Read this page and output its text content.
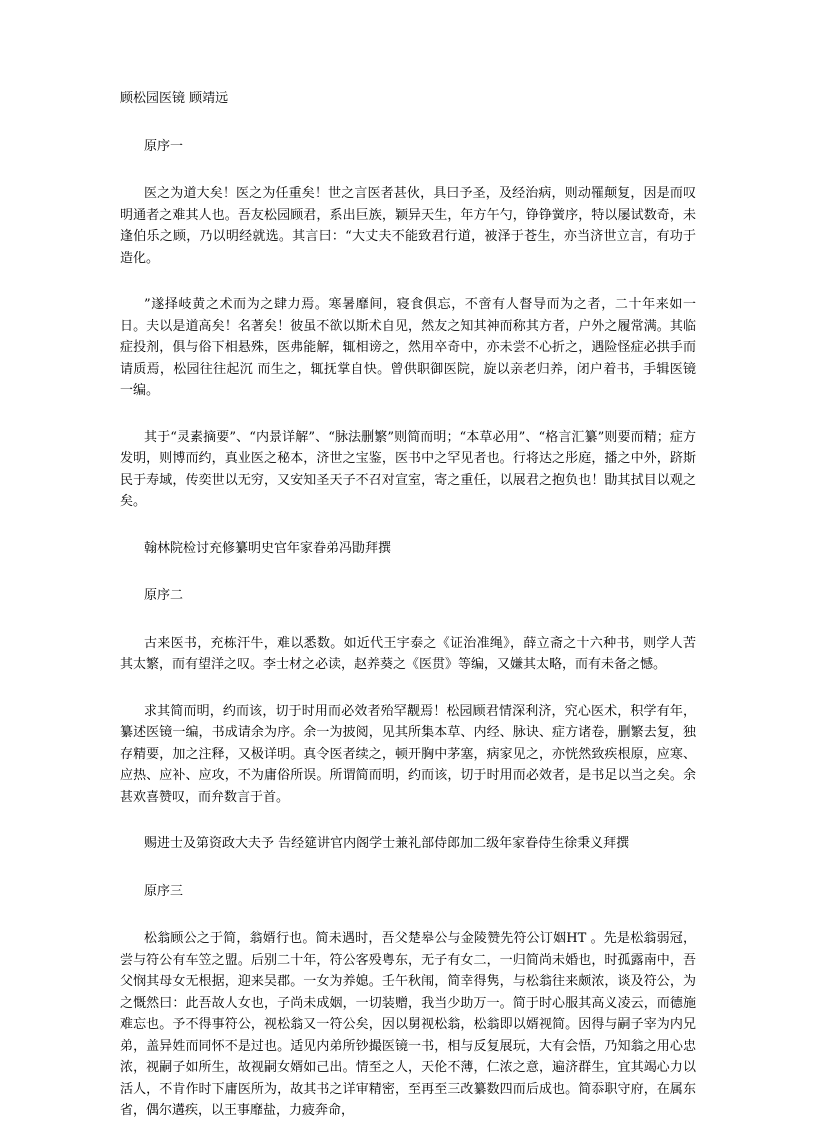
顾松园医镜 顾靖远

原序一

医之为道大矣！医之为任重矣！世之言医者甚伙，具曰予圣，及经治病，则动罹颠复，因是而叹明通者之难其人也。吾友松园顾君，系出巨族，颖异天生，年方午勺，铮铮黉序，特以屡试数奇，未逢伯乐之顾，乃以明经就选。其言曰：“大丈夫不能致君行道，被泽于苍生，亦当济世立言，有功于造化。

”遂择岐黄之术而为之肆力焉。寒暑靡间，寝食俱忘，不啻有人督导而为之者，二十年来如一日。夫以是道高矣！名著矣！彼虽不欲以斯术自见，然友之知其神而称其方者，户外之履常满。其临症投剂，俱与俗下相悬殊，医弗能解，辄相谤之，然用卒奇中，亦未尝不心折之，遇险怪症必拱手而请质焉，松园往往起沉 而生之，辄抚掌自快。曾供职御医院，旋以亲老归养，闭户着书，手辑医镜一编。

其于“灵素摘要”、“内景详解”、“脉法删繁”则简而明；“本草必用”、“格言汇纂”则要而精；症方发明，则博而约，真业医之秘本，济世之宝鉴，医书中之罕见者也。行将达之彤庭，播之中外，跻斯民于寿域，传奕世以无穷，又安知圣天子不召对宣室，寄之重任，以展君之抱负也！勖其拭目以观之矣。

翰林院检讨充修纂明史官年家眷弟冯勖拜撰

原序二

古来医书，充栋汗牛，难以悉数。如近代王宇泰之《证治准绳》，薛立斋之十六种书，则学人苦其太繁，而有望洋之叹。李士材之必读，赵养葵之《医贯》等编，又嫌其太略，而有未备之憾。

求其简而明，约而该，切于时用而必效者殆罕觏焉！松园顾君情深利济，究心医术，积学有年，纂述医镜一编，书成请余为序。余一为披阅，见其所集本草、内经、脉诀、症方诸卷，删繁去复，独存精要，加之注释，又极详明。真令医者续之，顿开胸中茅塞，病家见之，亦恍然致疾根原，应寒、应热、应补、应攻，不为庸俗所误。所谓简而明，约而该，切于时用而必效者，是书足以当之矣。余甚欢喜赞叹，而弁数言于首。

赐进士及第资政大夫予 告经筵讲官内阁学士兼礼部侍郎加二级年家眷侍生徐秉义拜撰

原序三

松翁顾公之于简，翁婿行也。简未遇时，吾父楚皋公与金陵赞先符公订姻HT 。先是松翁弱冠，尝与符公有车笠之盟。后别二十年，符公客殁粤东，无子有女二，一归简尚未婚也，时孤露南中，吾父悯其母女无根据，迎来吴郡。一女为养媳。壬午秋闱，简幸得隽，与松翁往来颇浓，谈及符公，为之慨然曰：此吾故人女也，子尚未成姻，一切装赠，我当少助万一。简于时心服其高义凌云，而德施难忘也。予不得事符公，视松翁又一符公矣，因以舅视松翁，松翁即以婿视简。因得与嗣子宰为内兄弟，盖异姓而同怀不是过也。适见内弟所钞撮医镜一书，相与反复展玩，大有会悟，乃知翁之用心忠浓，视嗣子如所生，故视嗣女婿如己出。情至之人，天伦不薄，仁浓之意，遍济群生，宜其竭心力以活人，不肯作时下庸医所为，故其书之详审精密，至再至三改纂数四而后成也。简忝职守府，在属东省，偶尔遘疾，以王事靡盐，力疲奔命，
